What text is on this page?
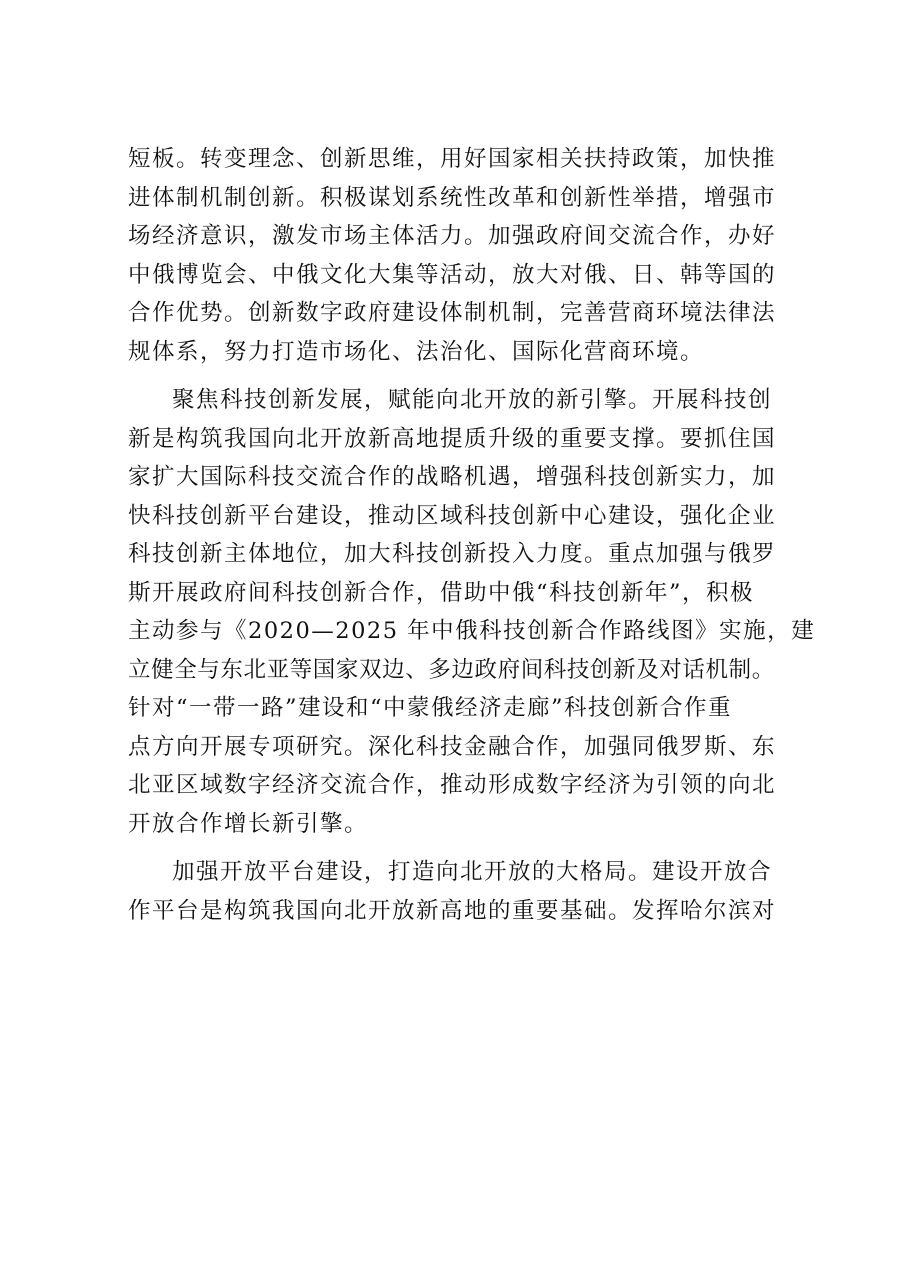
短板。转变理念、创新思维，用好国家相关扶持政策，加快推
进体制机制创新。积极谋划系统性改革和创新性举措，增强市
场经济意识，激发市场主体活力。加强政府间交流合作，办好
中俄博览会、中俄文化大集等活动，放大对俄、日、韩等国的
合作优势。创新数字政府建设体制机制，完善营商环境法律法
规体系，努力打造市场化、法治化、国际化营商环境。
聚焦科技创新发展，赋能向北开放的新引擎。开展科技创
新是构筑我国向北开放新高地提质升级的重要支撑。要抓住国
家扩大国际科技交流合作的战略机遇，增强科技创新实力，加
快科技创新平台建设，推动区域科技创新中心建设，强化企业
科技创新主体地位，加大科技创新投入力度。重点加强与俄罗
斯开展政府间科技创新合作，借助中俄“科技创新年”，积极
主动参与《2020—2025 年中俄科技创新合作路线图》实施，建
立健全与东北亚等国家双边、多边政府间科技创新及对话机制。
针对“一带一路”建设和“中蒙俄经济走廊”科技创新合作重
点方向开展专项研究。深化科技金融合作，加强同俄罗斯、东
北亚区域数字经济交流合作，推动形成数字经济为引领的向北
开放合作增长新引擎。
加强开放平台建设，打造向北开放的大格局。建设开放合
作平台是构筑我国向北开放新高地的重要基础。发挥哈尔滨对
